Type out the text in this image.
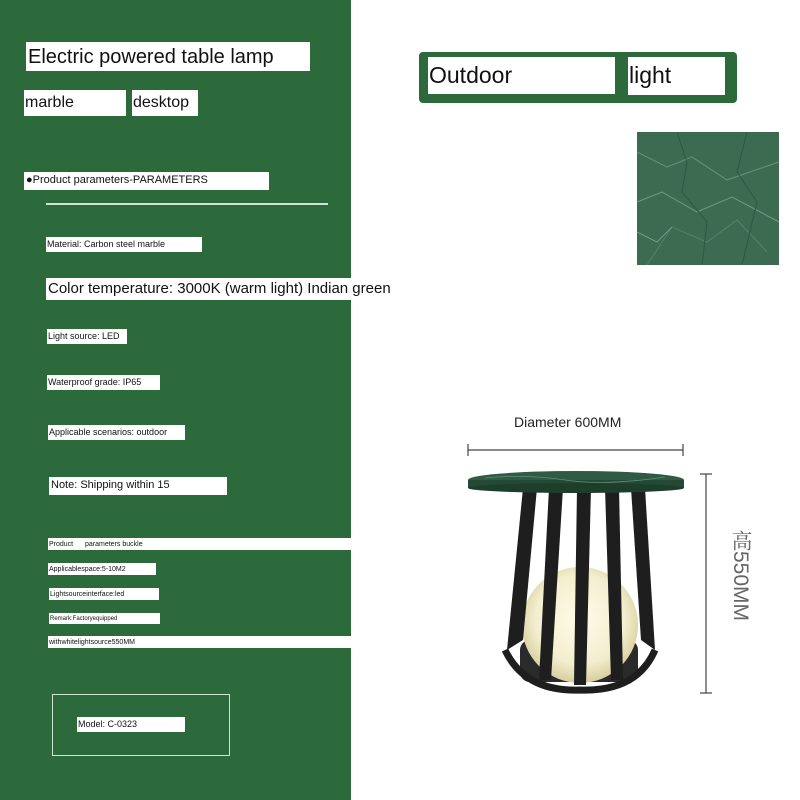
Electric powered table lamp
marble	desktop
●Product parameters-PARAMETERS
Material: Carbon steel marble
Color temperature: 3000K (warm light) Indian green
Light source: LED
Waterproof grade: IP65
Applicable scenarios: outdoor
Note: Shipping within 15
Product	parameters buckle
Applicablespace:5-10M2
Lightsourceinterface:led
Remark:Factoryequipped
withwhitelightsource550MM
Model: C-0323
Outdoor	light
Diameter 600MM
高550MM
